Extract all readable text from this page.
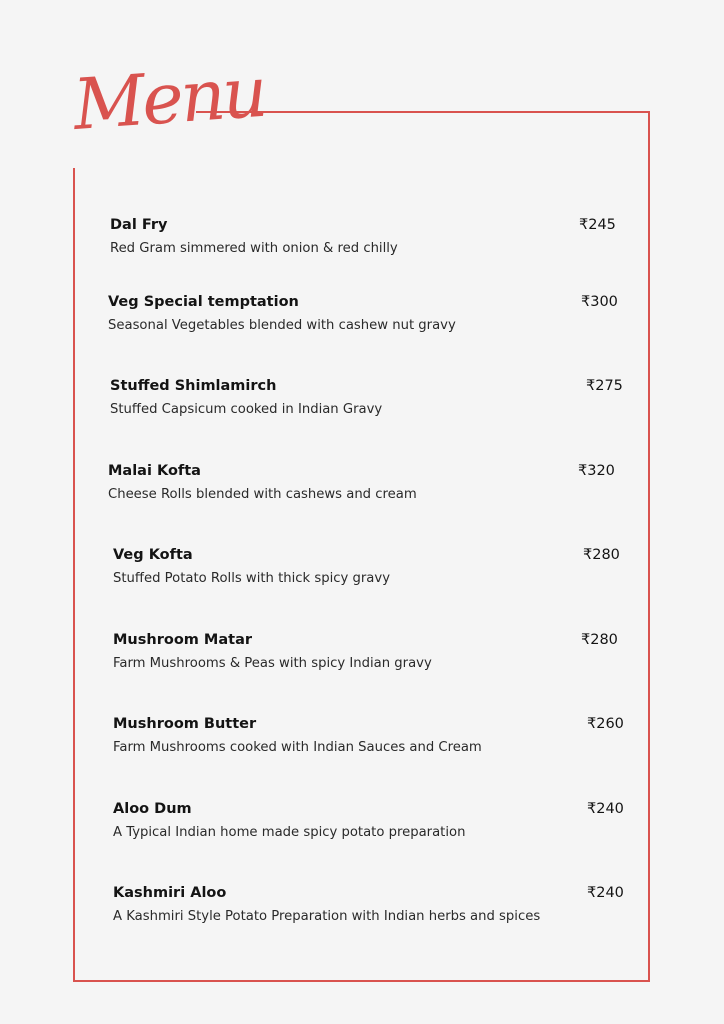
Menu
Dal Fry
Red Gram simmered with onion & red chilly
₹245
Veg Special temptation
Seasonal Vegetables blended with cashew nut gravy
₹300
Stuffed Shimlamirch
Stuffed Capsicum cooked in Indian Gravy
₹275
Malai Kofta
Cheese Rolls blended with cashews and cream
₹320
Veg Kofta
Stuffed Potato Rolls with thick spicy gravy
₹280
Mushroom Matar
Farm Mushrooms & Peas with spicy Indian gravy
₹280
Mushroom Butter
Farm Mushrooms cooked with Indian Sauces and Cream
₹260
Aloo Dum
A Typical Indian home made spicy potato preparation
₹240
Kashmiri Aloo
A Kashmiri Style Potato Preparation with Indian herbs and spices
₹240
